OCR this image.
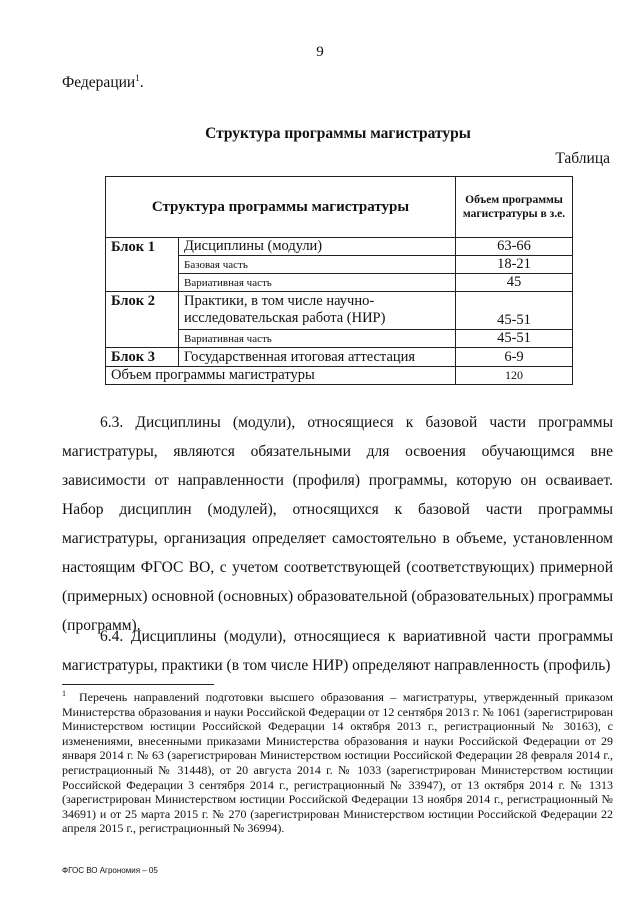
9
Федерации$^1$.
Структура программы магистратуры
Таблица
Структура программы магистратуры		Объем программы магистратуры в з.е.
Блок 1	Дисциплины (модули)	63-66
	Базовая часть	18-21
	Вариативная часть	45
Блок 2	Практики, в том числе научно-исследовательская работа (НИР)	45-51
	Вариативная часть	45-51
Блок 3	Государственная итоговая аттестация	6-9
Объем программы магистратуры		120

6.3. Дисциплины (модули), относящиеся к базовой части программы магистратуры, являются обязательными для освоения обучающимся вне зависимости от направленности (профиля) программы, которую он осваивает. Набор дисциплин (модулей), относящихся к базовой части программы магистратуры, организация определяет самостоятельно в объеме, установленном настоящим ФГОС ВО, с учетом соответствующей (соответствующих) примерной (примерных) основной (основных) образовательной (образовательных) программы (программ).

6.4. Дисциплины (модули), относящиеся к вариативной части программы магистратуры, практики (в том числе НИР) определяют направленность (профиль)

$^1$ Перечень направлений подготовки высшего образования – магистратуры, утвержденный приказом Министерства образования и науки Российской Федерации от 12 сентября 2013 г. № 1061 (зарегистрирован Министерством юстиции Российской Федерации 14 октября 2013 г., регистрационный № 30163), с изменениями, внесенными приказами Министерства образования и науки Российской Федерации от 29 января 2014 г. № 63 (зарегистрирован Министерством юстиции Российской Федерации 28 февраля 2014 г., регистрационный № 31448), от 20 августа 2014 г. № 1033 (зарегистрирован Министерством юстиции Российской Федерации 3 сентября 2014 г., регистрационный № 33947), от 13 октября 2014 г. № 1313 (зарегистрирован Министерством юстиции Российской Федерации 13 ноября 2014 г., регистрационный № 34691) и от 25 марта 2015 г. № 270 (зарегистрирован Министерством юстиции Российской Федерации 22 апреля 2015 г., регистрационный № 36994).
ФГОС ВО Агрономия – 05
